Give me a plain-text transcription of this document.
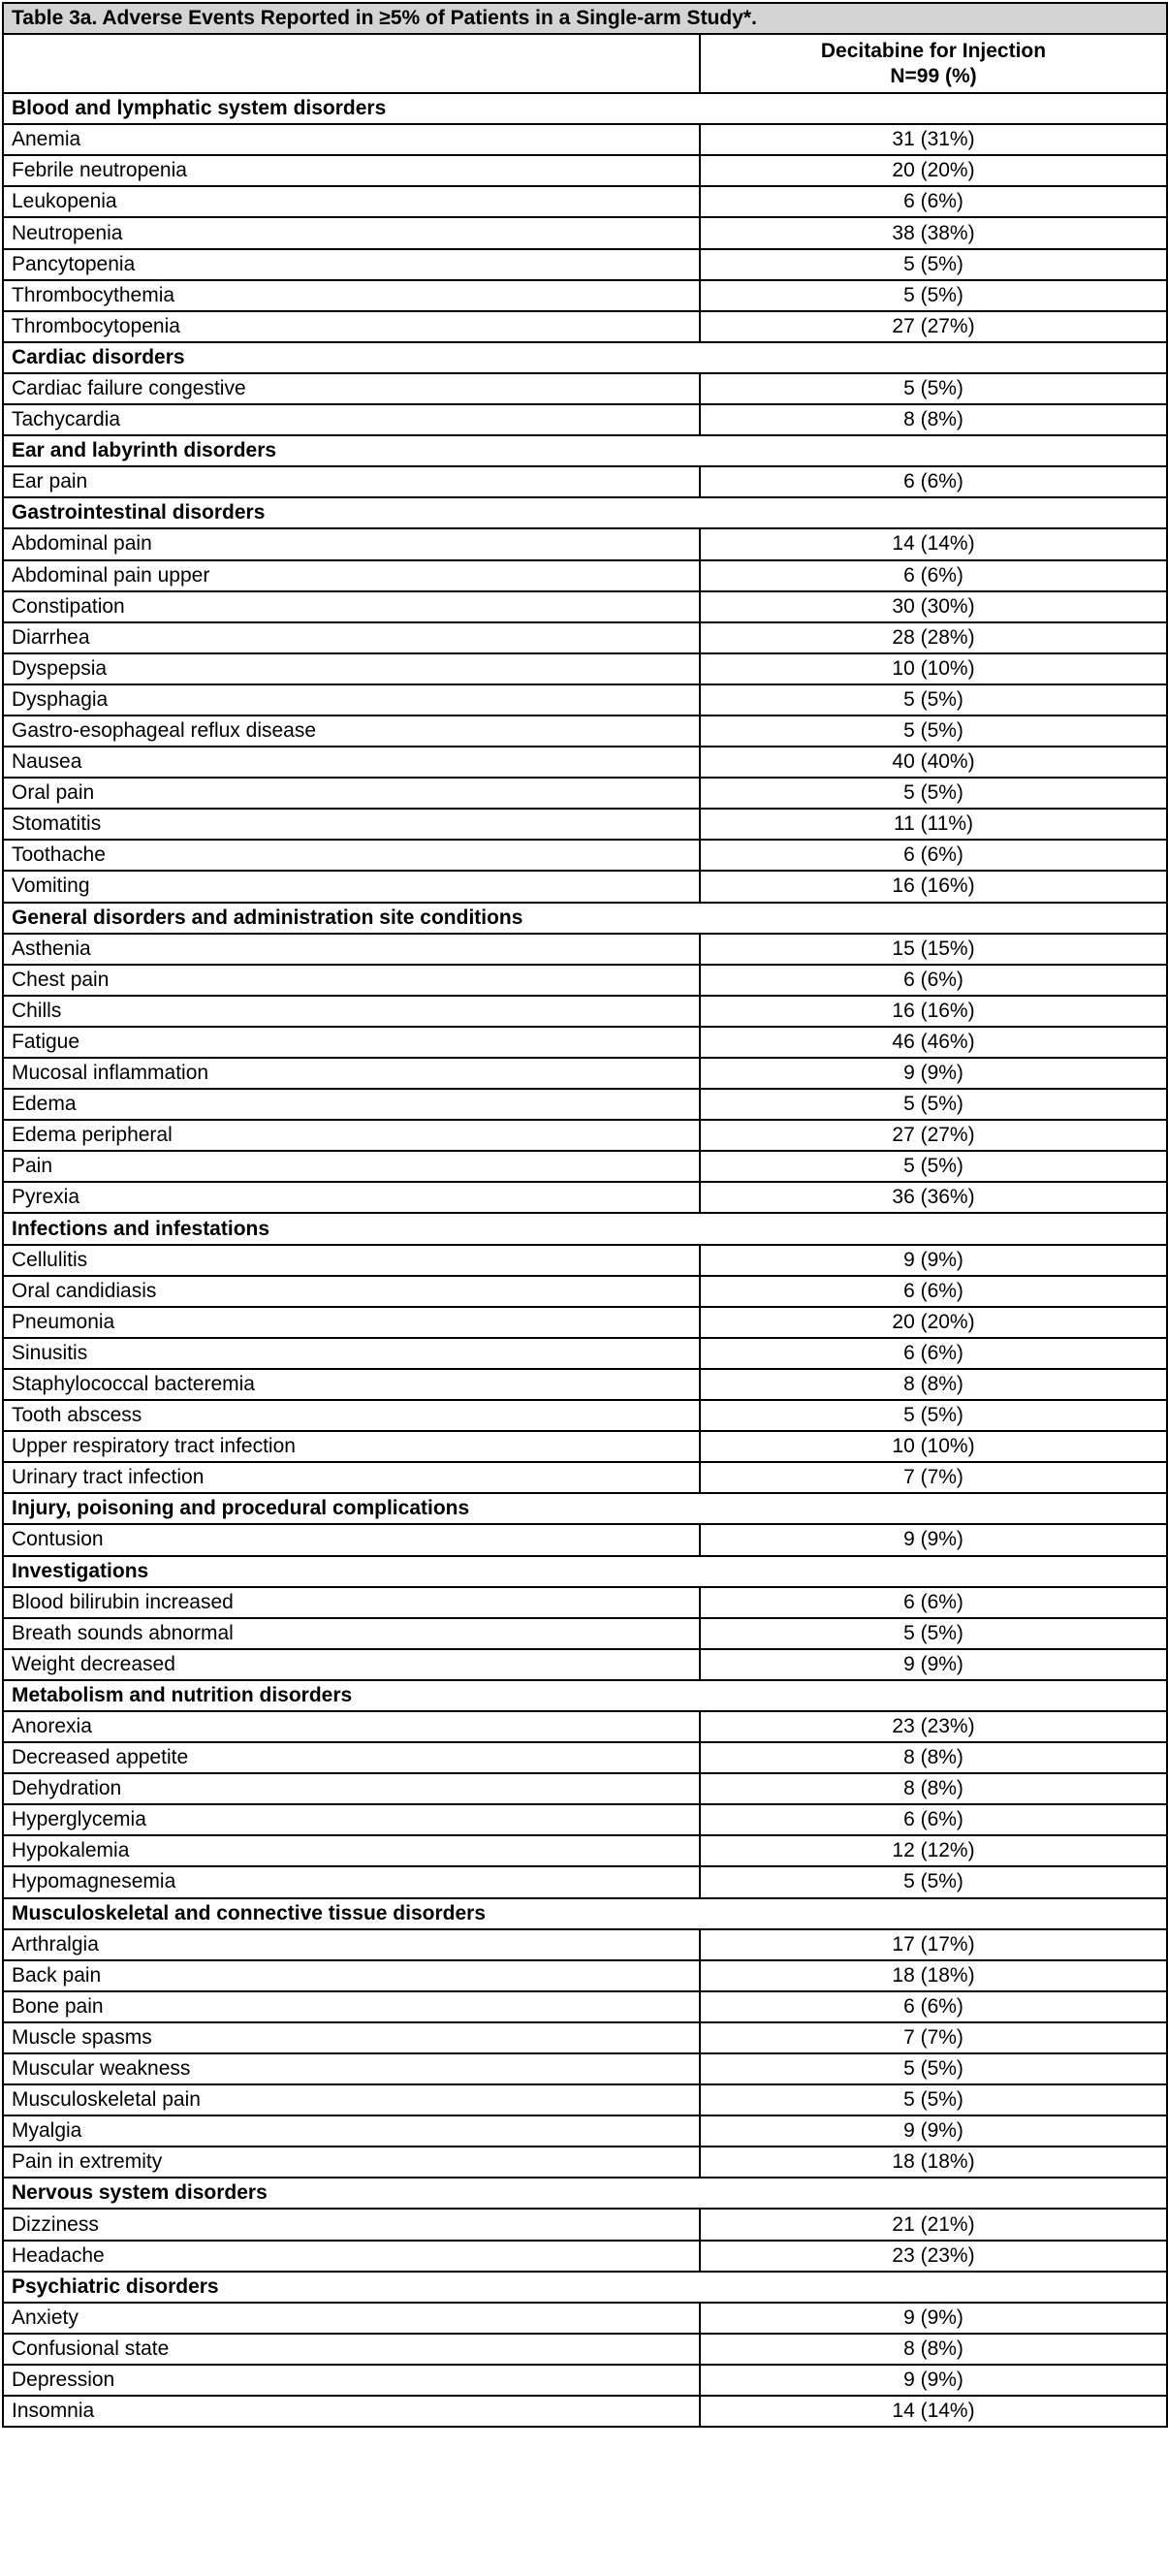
Table 3a. Adverse Events Reported in ≥5% of Patients in a Single-arm Study*.	
	Decitabine for Injection
N=99 (%)
Blood and lymphatic system disorders	
Anemia	31 (31%)
Febrile neutropenia	20 (20%)
Leukopenia	6 (6%)
Neutropenia	38 (38%)
Pancytopenia	5 (5%)
Thrombocythemia	5 (5%)
Thrombocytopenia	27 (27%)
Cardiac disorders	
Cardiac failure congestive	5 (5%)
Tachycardia	8 (8%)
Ear and labyrinth disorders	
Ear pain	6 (6%)
Gastrointestinal disorders	
Abdominal pain	14 (14%)
Abdominal pain upper	6 (6%)
Constipation	30 (30%)
Diarrhea	28 (28%)
Dyspepsia	10 (10%)
Dysphagia	5 (5%)
Gastro-esophageal reflux disease	5 (5%)
Nausea	40 (40%)
Oral pain	5 (5%)
Stomatitis	11 (11%)
Toothache	6 (6%)
Vomiting	16 (16%)
General disorders and administration site conditions	
Asthenia	15 (15%)
Chest pain	6 (6%)
Chills	16 (16%)
Fatigue	46 (46%)
Mucosal inflammation	9 (9%)
Edema	5 (5%)
Edema peripheral	27 (27%)
Pain	5 (5%)
Pyrexia	36 (36%)
Infections and infestations	
Cellulitis	9 (9%)
Oral candidiasis	6 (6%)
Pneumonia	20 (20%)
Sinusitis	6 (6%)
Staphylococcal bacteremia	8 (8%)
Tooth abscess	5 (5%)
Upper respiratory tract infection	10 (10%)
Urinary tract infection	7 (7%)
Injury, poisoning and procedural complications	
Contusion	9 (9%)
Investigations	
Blood bilirubin increased	6 (6%)
Breath sounds abnormal	5 (5%)
Weight decreased	9 (9%)
Metabolism and nutrition disorders	
Anorexia	23 (23%)
Decreased appetite	8 (8%)
Dehydration	8 (8%)
Hyperglycemia	6 (6%)
Hypokalemia	12 (12%)
Hypomagnesemia	5 (5%)
Musculoskeletal and connective tissue disorders	
Arthralgia	17 (17%)
Back pain	18 (18%)
Bone pain	6 (6%)
Muscle spasms	7 (7%)
Muscular weakness	5 (5%)
Musculoskeletal pain	5 (5%)
Myalgia	9 (9%)
Pain in extremity	18 (18%)
Nervous system disorders	
Dizziness	21 (21%)
Headache	23 (23%)
Psychiatric disorders	
Anxiety	9 (9%)
Confusional state	8 (8%)
Depression	9 (9%)
Insomnia	14 (14%)
